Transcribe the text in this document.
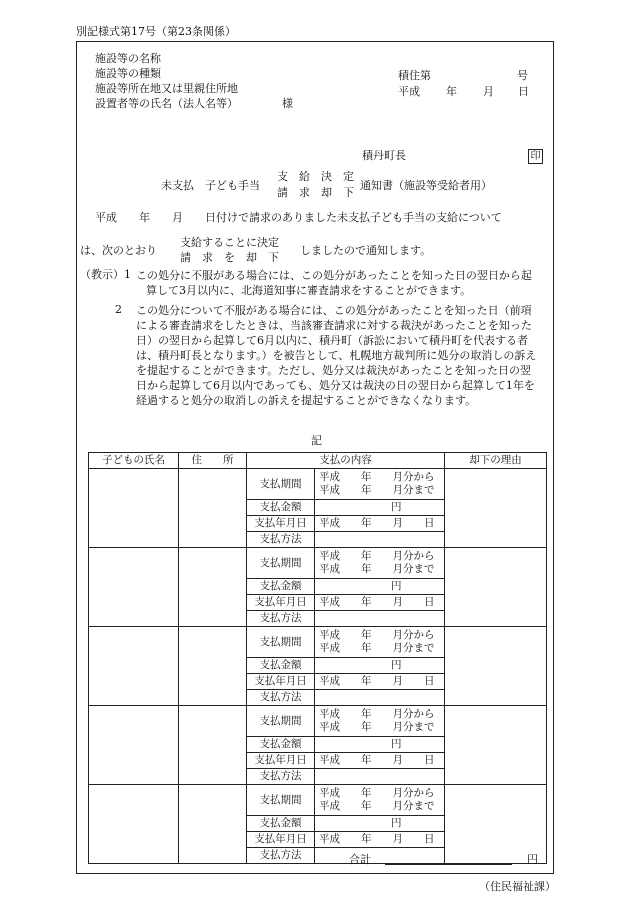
別記様式第17号（第23条関係）
施設等の名称
施設等の種類
施設等所在地又は里親住所地
設置者等の氏名（法人名等）	様
積住第	号
平成 年 月 日
積丹町長	印
未支払　子ども手当
支　給　決　定
請　求　却　下
通知書（施設等受給者用）
平成　　年　　月　　日付けで請求のありました未支払子ども手当の支給について
は、次のとおり
支給することに決定
請　求　を　却　下
しましたので通知します。
（教示）1 この処分に不服がある場合には、この処分があったことを知った日の翌日から起算して3月以内に、北海道知事に審査請求をすることができます。
2 この処分について不服がある場合には、この処分があったことを知った日（前項による審査請求をしたときは、当該審査請求に対する裁決があったことを知った日）の翌日から起算して6月以内に、積丹町（訴訟において積丹町を代表する者は、積丹町長となります。）を被告として、札幌地方裁判所に処分の取消しの訴えを提起することができます。ただし、処分又は裁決があったことを知った日の翌日から起算して6月以内であっても、処分又は裁決の日の翌日から起算して1年を経過すると処分の取消しの訴えを提起することができなくなります。
記
子どもの氏名	住　　所	支払の内容		却下の理由
		支払期間	平成　　年　　月分から
平成　　年　　月分まで	

		支払金額	円	
		支払年月日	平成　　年　　月　　日	
		支払方法		
		支払期間	平成　　年　　月分から
平成　　年　　月分まで	

		支払金額	円	
		支払年月日	平成　　年　　月　　日	
		支払方法		
		支払期間	平成　　年　　月分から
平成　　年　　月分まで	

		支払金額	円	
		支払年月日	平成　　年　　月　　日	
		支払方法		
		支払期間	平成　　年　　月分から
平成　　年　　月分まで	

		支払金額	円	
		支払年月日	平成　　年　　月　　日	
		支払方法		
		支払期間	平成　　年　　月分から
平成　　年　　月分まで	

		支払金額	円	
		支払年月日	平成　　年　　月　　日	
		支払方法			合計	円
（住民福祉課）
